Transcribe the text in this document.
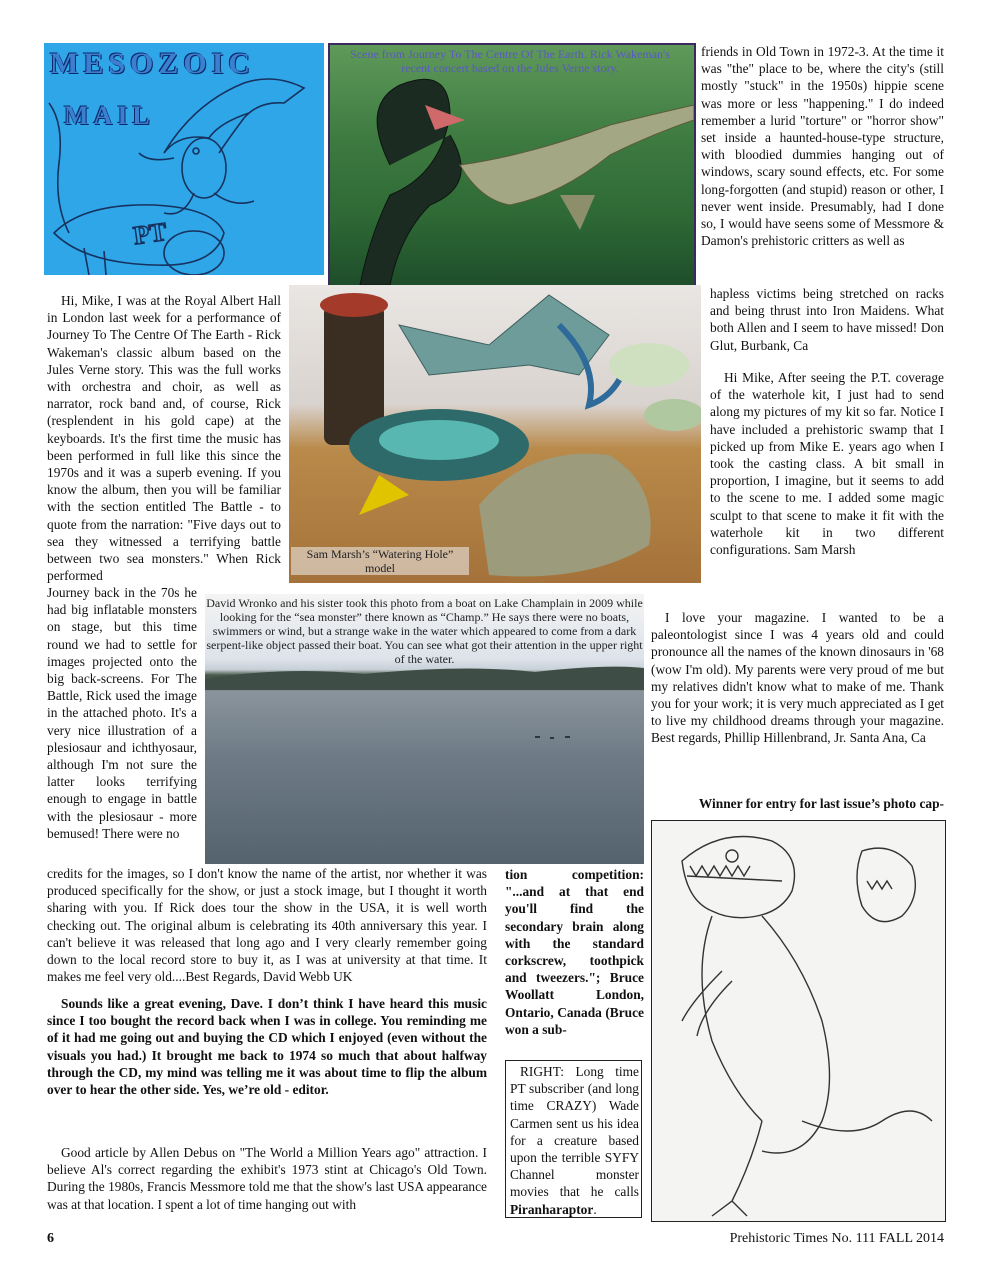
PT
MESOZOIC
MAIL
Scene from Journey To The Centre Of The Earth. Rick Wakeman's recent concert based on the Jules Verne story.
Sam Marsh’s “Watering Hole”
model
David Wronko and his sister took this photo from a boat on Lake Champlain in 2009 while looking for the “sea monster” there known as “Champ.” He says there were no boats, swimmers or wind, but a strange wake in the water which appeared to come from a dark serpent-like object passed their boat. You can see what got their attention in the upper right of the water.
Hi, Mike, I was at the Royal Albert Hall in London last week for a performance of Journey To The Centre Of The Earth - Rick Wakeman's classic album based on the Jules Verne story. This was the full works with orchestra and choir, as well as narrator, rock band and, of course, Rick (resplendent in his gold cape) at the keyboards. It's the first time the music has been performed in full like this since the 1970s and it was a superb evening. If you know the album, then you will be familiar with the section entitled The Battle - to quote from the narration: "Five days out to sea they witnessed a terrifying battle between two sea monsters." When Rick performed
Journey back in the 70s he had big inflatable monsters on stage, but this time round we had to settle for images projected onto the big back-screens. For The Battle, Rick used the image in the attached photo. It's a very nice illustration of a plesiosaur and ichthyosaur, although I'm not sure the latter looks terrifying enough to engage in battle with the plesiosaur - more bemused! There were no
credits for the images, so I don't know the name of the artist, nor whether it was produced specifically for the show, or just a stock image, but I thought it worth sharing with you. If Rick does tour the show in the USA, it is well worth checking out. The original album is celebrating its 40th anniversary this year. I can't believe it was released that long ago and I very clearly remember going down to the local record store to buy it, as I was at university at that time. It makes me feel very old....Best Regards, David Webb UK
Sounds like a great evening, Dave. I don’t think I have heard this music since I too bought the record back when I was in college. You reminding me of it had me going out and buying the CD which I enjoyed (even without the visuals you had.) It brought me back to 1974 so much that about halfway through the CD, my mind was telling me it was about time to flip the album over to hear the other side. Yes, we’re old - editor.
Good article by Allen Debus on "The World a Million Years ago" attraction. I believe Al's correct regarding the exhibit's 1973 stint at Chicago's Old Town. During the 1980s, Francis Messmore told me that the show's last USA appearance was at that location. I spent a lot of time hanging out with
friends in Old Town in 1972-3. At the time it was "the" place to be, where the city's (still mostly "stuck" in the 1950s) hippie scene was more or less "happening." I do indeed remember a lurid "torture" or "horror show" set inside a haunted-house-type structure, with bloodied dummies hanging out of windows, scary sound effects, etc. For some long-forgotten (and stupid) reason or other, I never went inside. Presumably, had I done so, I would have seens some of Messmore & Damon's prehistoric critters as well as
hapless victims being stretched on racks and being thrust into Iron Maidens. What both Allen and I seem to have missed! Don Glut, Burbank, Ca
Hi Mike, After seeing the P.T. coverage of the waterhole kit, I just had to send along my pictures of my kit so far. Notice I have included a prehistoric swamp that I picked up from Mike E. years ago when I took the casting class. A bit small in proportion, I imagine, but it seems to add to the scene to me. I added some magic sculpt to that scene to make it fit with the waterhole kit in two different configurations. Sam Marsh
I love your magazine. I wanted to be a paleontologist since I was 4 years old and could pronounce all the names of the known dinosaurs in '68 (wow I'm old). My parents were very proud of me but my relatives didn't know what to make of me. Thank you for your work; it is very much appreciated as I get to live my childhood dreams through your magazine. Best regards, Phillip Hillenbrand, Jr. Santa Ana, Ca
Winner for entry for last issue’s photo cap-
tion competition: "...and at that end you'll find the secondary brain along with the standard corkscrew, toothpick and tweezers."; Bruce Woollatt London, Ontario, Canada (Bruce won a sub-
RIGHT: Long time PT subscriber (and long time CRAZY) Wade Carmen sent us his idea for a creature based upon the terrible SYFY Channel monster movies that he calls Piranharaptor.
6	Prehistoric Times No. 111 FALL 2014
